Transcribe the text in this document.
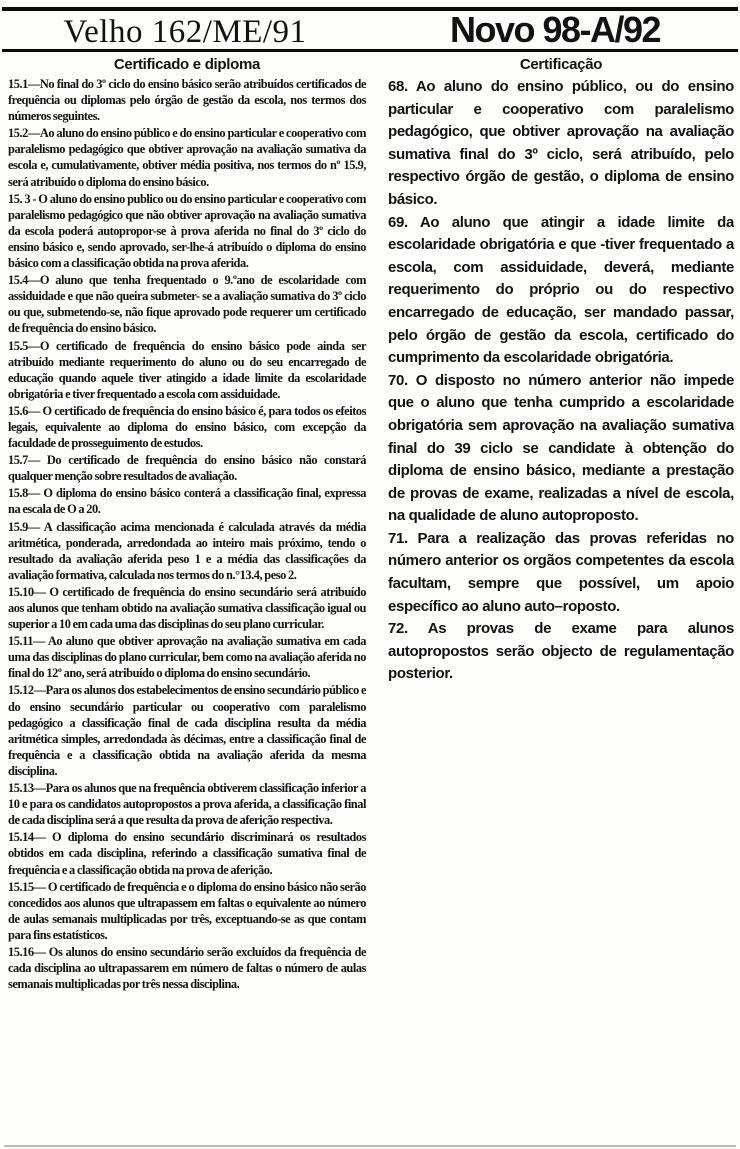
Velho 162/ME/91	Novo 98-A/92
Certificado e diploma

15.1—No final do 3º ciclo do ensino básico serão atribuídos certificados de frequência ou diplomas pelo órgão de gestão da escola, nos termos dos números seguintes.

15.2—Ao aluno do ensino público e do ensino particular e cooperativo com paralelismo pedagógico que obtiver aprovação na avaliação sumativa da escola e, cumulativamente, obtiver média positiva, nos termos do nº 15.9, será atribuído o diploma do ensino básico.

15. 3 - O aluno do ensino publico ou do ensino particular e cooperativo com paralelismo pedagógico que não obtiver aprovação na avaliação sumativa da escola poderá autopropor-se à prova aferida no final do 3º ciclo do ensino básico e, sendo aprovado, ser-lhe-á atribuído o diploma do ensino básico com a classificação obtida na prova aferida.

15.4—O aluno que tenha frequentado o 9.ºano de escolaridade com assiduidade e que não queira submeter- se a avaliação sumativa do 3º ciclo ou que, submetendo-se, não fique aprovado pode requerer um certificado de frequência do ensino básico.

15.5—O certificado de frequência do ensino básico pode ainda ser atribuído mediante requerimento do aluno ou do seu encarregado de educação quando aquele tiver atingido a idade limite da escolaridade obrigatória e tiver frequentado a escola com assiduidade.

15.6— O certificado de frequência do ensino básico é, para todos os efeitos legais, equivalente ao diploma do ensino básico, com excepção da faculdade de prosseguimento de estudos.

15.7— Do certificado de frequência do ensino básico não constará qualquer menção sobre resultados de avaliação.

15.8— O diploma do ensino básico conterá a classificação final, expressa na escala de O a 20.

15.9— A classificação acima mencionada é calculada através da média aritmética, ponderada, arredondada ao inteiro mais próximo, tendo o resultado da avaliação aferida peso 1 e a média das classificações da avaliação formativa, calculada nos termos do n.°13.4, peso 2.

15.10— O certificado de frequência do ensino secundário será atribuído aos alunos que tenham obtido na avaliação sumativa classificação igual ou superior a 10 em cada uma das disciplinas do seu plano curricular.

15.11— Ao aluno que obtiver aprovação na avaliação sumativa em cada uma das disciplinas do plano curricular, bem como na avaliação aferida no final do 12º ano, será atribuído o diploma do ensino secundário.

15.12—Para os alunos dos estabelecimentos de ensino secundário público e do ensino secundário particular ou cooperativo com paralelismo pedagógico a classificação final de cada disciplina resulta da média aritmética simples, arredondada às décimas, entre a classificação final de frequência e a classificação obtida na avaliação aferida da mesma disciplina.

15.13—Para os alunos que na frequência obtiverem classificação inferior a 10 e para os candidatos autopropostos a prova aferida, a classificação final de cada disciplina será a que resulta da prova de aferição respectiva.

15.14— O diploma do ensino secundário discriminará os resultados obtidos em cada disciplina, referindo a classificação sumativa final de frequência e a classificação obtida na prova de aferição.

15.15— O certificado de frequência e o diploma do ensino básico não serão concedidos aos alunos que ultrapassem em faltas o equivalente ao número de aulas semanais multiplicadas por três, exceptuando-se as que contam para fins estatísticos.

15.16— Os alunos do ensino secundário serão excluídos da frequência de cada disciplina ao ultrapassarem em número de faltas o número de aulas semanais multiplicadas por três nessa disciplina.

Certificação

68. Ao aluno do ensino público, ou do ensino particular e cooperativo com paralelismo pedagógico, que obtiver aprovação na avaliação sumativa final do 3º ciclo, será atribuído, pelo respectivo órgão de gestão, o diploma de ensino básico.

69. Ao aluno que atingir a idade limite da escolaridade obrigatória e que -tiver frequentado a escola, com assiduidade, deverá, mediante requerimento do próprio ou do respectivo encarregado de educação, ser mandado passar, pelo órgão de gestão da escola, certificado do cumprimento da escolaridade obrigatória.

70. O disposto no número anterior não impede que o aluno que tenha cumprido a escolaridade obrigatória sem aprovação na avaliação sumativa final do 39 ciclo se candidate à obtenção do diploma de ensino básico, mediante a prestação de provas de exame, realizadas a nível de escola, na qualidade de aluno autoproposto.

71. Para a realização das provas referidas no número anterior os orgãos competentes da escola facultam, sempre que possível, um apoio específico ao aluno auto–roposto.

72. As provas de exame para alunos autopropostos serão objecto de regulamentação posterior.
